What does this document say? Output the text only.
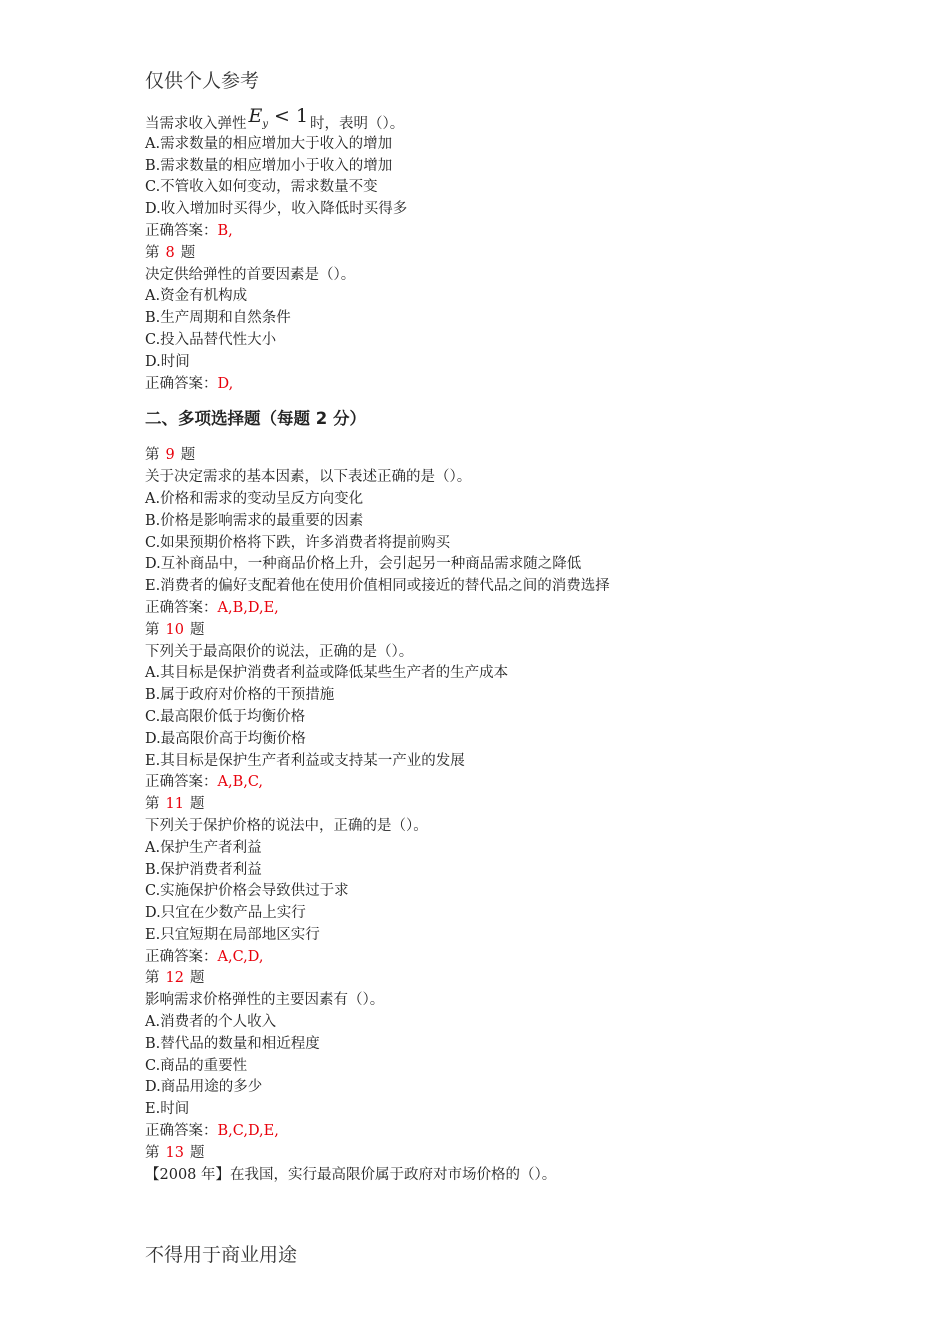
仅供个人参考
当需求收入弹性 $E_y < 1$ 时，表明（）。
A.需求数量的相应增加大于收入的增加
B.需求数量的相应增加小于收入的增加
C.不管收入如何变动，需求数量不变
D.收入增加时买得少，收入降低时买得多
正确答案：B,
第 8 题
决定供给弹性的首要因素是（）。
A.资金有机构成
B.生产周期和自然条件
C.投入品替代性大小
D.时间
正确答案：D,
二、多项选择题（每题 2 分）
第 9 题
关于决定需求的基本因素，以下表述正确的是（）。
A.价格和需求的变动呈反方向变化
B.价格是影响需求的最重要的因素
C.如果预期价格将下跌，许多消费者将提前购买
D.互补商品中，一种商品价格上升，会引起另一种商品需求随之降低
E.消费者的偏好支配着他在使用价值相同或接近的替代品之间的消费选择
正确答案：A,B,D,E,
第 10 题
下列关于最高限价的说法，正确的是（）。
A.其目标是保护消费者利益或降低某些生产者的生产成本
B.属于政府对价格的干预措施
C.最高限价低于均衡价格
D.最高限价高于均衡价格
E.其目标是保护生产者利益或支持某一产业的发展
正确答案：A,B,C,
第 11 题
下列关于保护价格的说法中，正确的是（）。
A.保护生产者利益
B.保护消费者利益
C.实施保护价格会导致供过于求
D.只宜在少数产品上实行
E.只宜短期在局部地区实行
正确答案：A,C,D,
第 12 题
影响需求价格弹性的主要因素有（）。
A.消费者的个人收入
B.替代品的数量和相近程度
C.商品的重要性
D.商品用途的多少
E.时间
正确答案：B,C,D,E,
第 13 题
【2008 年】在我国，实行最高限价属于政府对市场价格的（）。
不得用于商业用途
